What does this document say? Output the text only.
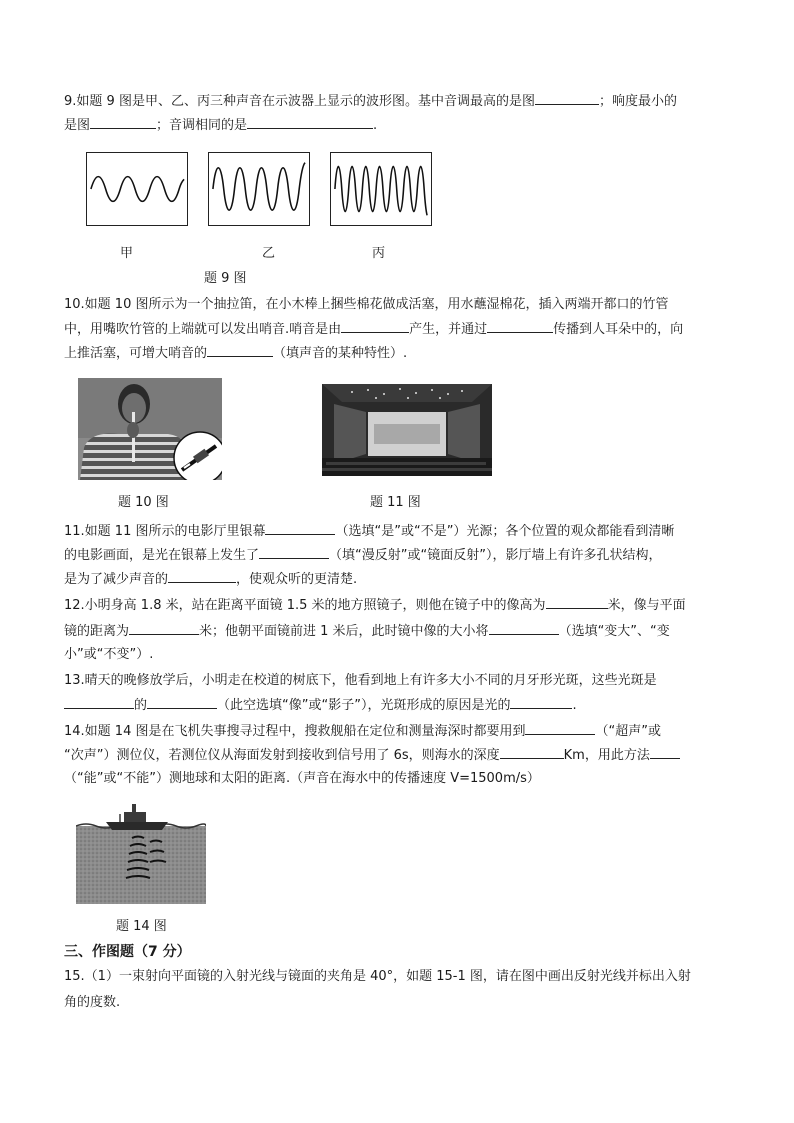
9.如题 9 图是甲、乙、丙三种声音在示波器上显示的波形图。基中音调最高的是图	；响度最小的
是图	；音调相同的是	.
甲	乙	丙
题 9 图
10.如题 10 图所示为一个抽拉笛，在小木棒上捆些棉花做成活塞，用水蘸湿棉花，插入两端开都口的竹管
中，用嘴吹竹管的上端就可以发出哨音.哨音是由	产生，并通过	传播到人耳朵中的，向
上推活塞，可增大哨音的	（填声音的某种特性）.
题 10 图	题 11 图
11.如题 11 图所示的电影厅里银幕	（选填“是”或“不是”）光源；各个位置的观众都能看到清晰
的电影画面，是光在银幕上发生了	（填“漫反射”或“镜面反射”），影厅墙上有许多孔状结构，
是为了减少声音的	，使观众听的更清楚.
12.小明身高 1.8 米，站在距离平面镜 1.5 米的地方照镜子，则他在镜子中的像高为	米，像与平面
镜的距离为	米；他朝平面镜前进 1 米后，此时镜中像的大小将	（选填“变大”、“变
小”或“不变”）.
13.晴天的晚修放学后，小明走在校道的树底下，他看到地上有许多大小不同的月牙形光斑，这些光斑是
的	（此空选填“像”或“影子”），光斑形成的原因是光的	.
14.如题 14 图是在飞机失事搜寻过程中，搜救舰船在定位和测量海深时都要用到	（“超声”或
“次声”）测位仪，若测位仪从海面发射到接收到信号用了 6s，则海水的深度	Km，用此方法
（“能”或“不能”）测地球和太阳的距离.（声音在海水中的传播速度 V=1500m/s）
题 14 图
三、作图题（7 分）
15.（1）一束射向平面镜的入射光线与镜面的夹角是 40°，如题 15-1 图，请在图中画出反射光线并标出入射
角的度数.
